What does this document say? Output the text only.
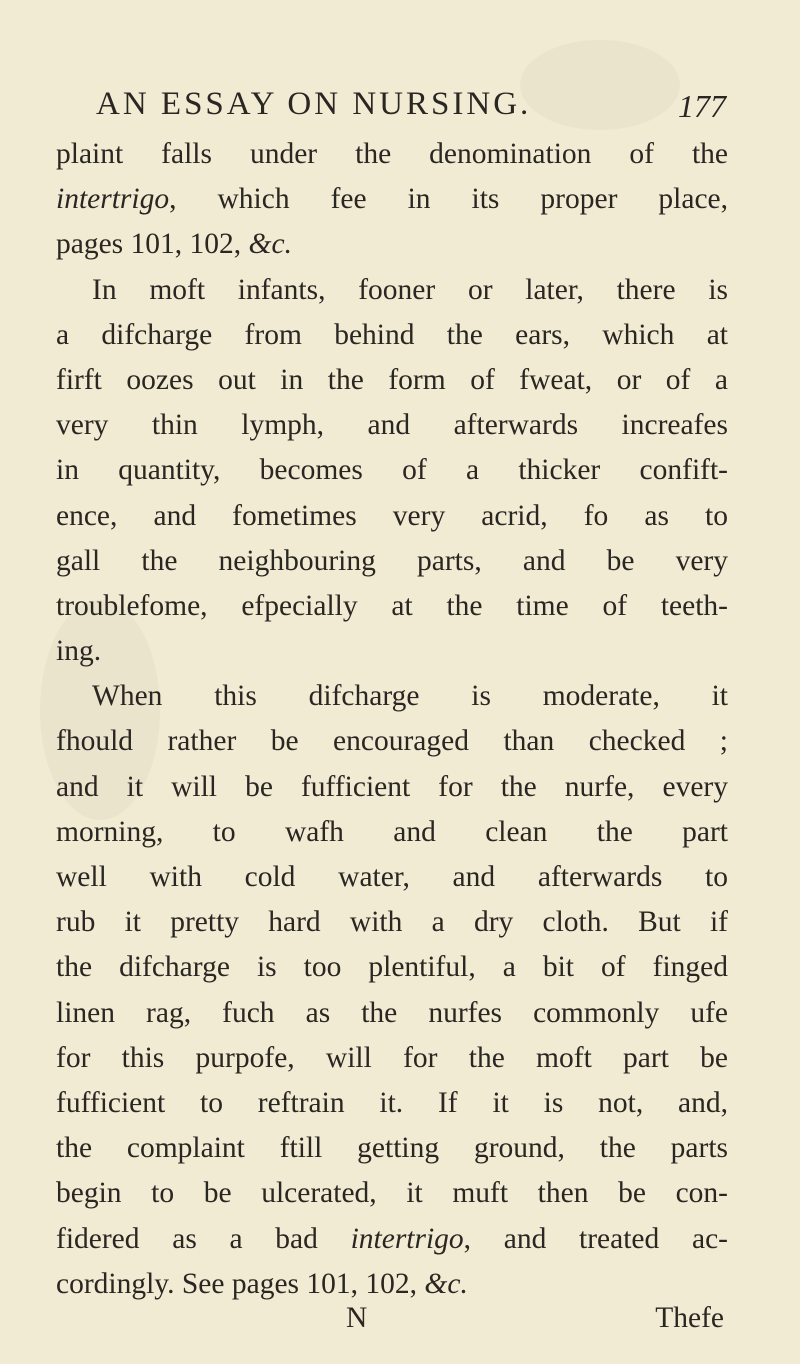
AN ESSAY ON NURSING.	177
plaint falls under the denomination of the
intertrigo, which fee in its proper place,
pages 101, 102, &c.
In moft infants, fooner or later, there is
a difcharge from behind the ears, which at
firft oozes out in the form of fweat, or of a
very thin lymph, and afterwards increafes
in quantity, becomes of a thicker confift-
ence, and fometimes very acrid, fo as to
gall the neighbouring parts, and be very
troublefome, efpecially at the time of teeth-
ing.
When this difcharge is moderate, it
fhould rather be encouraged than checked ;
and it will be fufficient for the nurfe, every
morning, to wafh and clean the part
well with cold water, and afterwards to
rub it pretty hard with a dry cloth. But if
the difcharge is too plentiful, a bit of finged
linen rag, fuch as the nurfes commonly ufe
for this purpofe, will for the moft part be
fufficient to reftrain it. If it is not, and,
the complaint ftill getting ground, the parts
begin to be ulcerated, it muft then be con-
fidered as a bad intertrigo, and treated ac-
cordingly. See pages 101, 102, &c.
N	Thefe
